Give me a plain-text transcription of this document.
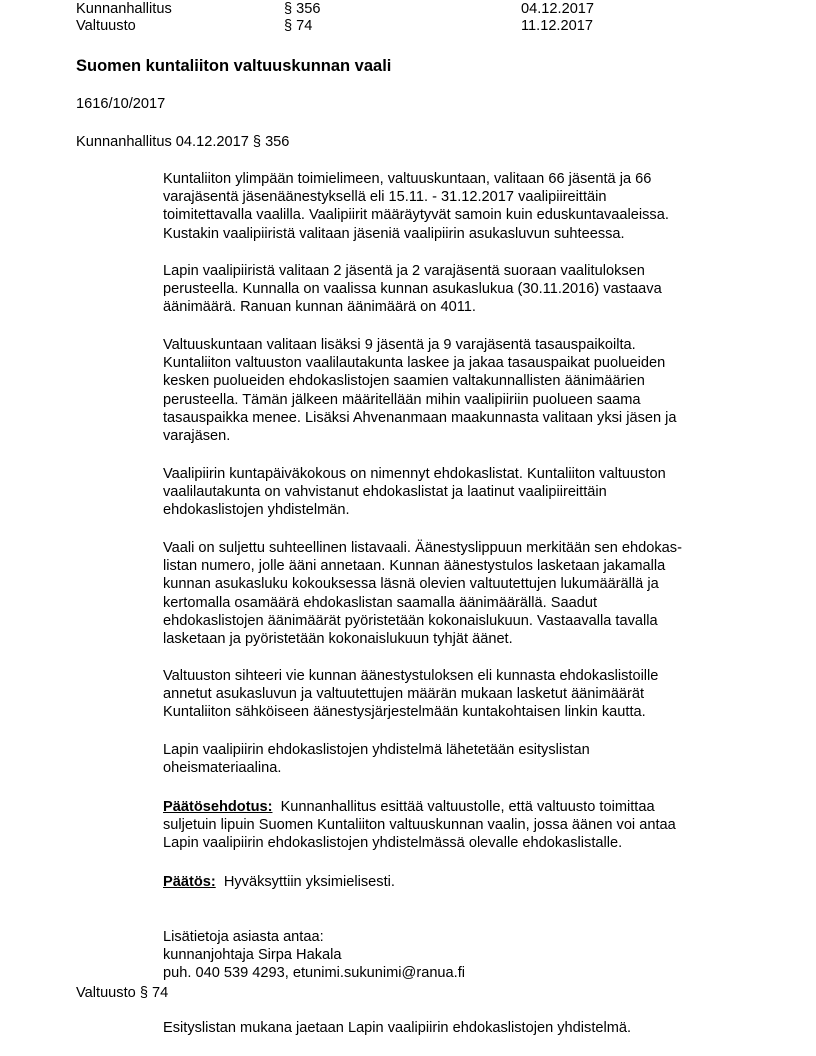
Kunnanhallitus	§ 356	04.12.2017
Valtuusto	§ 74	11.12.2017
Suomen kuntaliiton valtuuskunnan vaali
1616/10/2017
Kunnanhallitus 04.12.2017 § 356

Kuntaliiton ylimpään toimielimeen, valtuuskuntaan, valitaan 66 jäsentä ja 66
varajäsentä jäsenäänestyksellä eli 15.11. - 31.12.2017 vaalipiireittäin
toimitettavalla vaalilla. Vaalipiirit määräytyvät samoin kuin eduskuntavaaleissa.
Kustakin vaalipiiristä valitaan jäseniä vaalipiirin asukasluvun suhteessa.

Lapin vaalipiiristä valitaan 2 jäsentä ja 2 varajäsentä suoraan vaalituloksen
perusteella. Kunnalla on vaalissa kunnan asukaslukua (30.11.2016) vastaava
äänimäärä. Ranuan kunnan äänimäärä on 4011.

Valtuuskuntaan valitaan lisäksi 9 jäsentä ja 9 varajäsentä tasauspaikoilta.
Kuntaliiton valtuuston vaalilautakunta laskee ja jakaa tasauspaikat puolueiden
kesken puolueiden ehdokaslistojen saamien valtakunnallisten äänimäärien
perusteella. Tämän jälkeen määritellään mihin vaalipiiriin puolueen saama
tasauspaikka menee. Lisäksi Ahvenanmaan maakunnasta valitaan yksi jäsen ja
varajäsen.

Vaalipiirin kuntapäiväkokous on nimennyt ehdokaslistat. Kuntaliiton valtuuston
vaalilautakunta on vahvistanut ehdokaslistat ja laatinut vaalipiireittäin
ehdokaslistojen yhdistelmän.

Vaali on suljettu suhteellinen listavaali. Äänestyslippuun merkitään sen ehdokas-
listan numero, jolle ääni annetaan. Kunnan äänestystulos lasketaan jakamalla
kunnan asukasluku kokouksessa läsnä olevien valtuutettujen lukumäärällä ja
kertomalla osamäärä ehdokaslistan saamalla äänimäärällä. Saadut
ehdokaslistojen äänimäärät pyöristetään kokonaislukuun. Vastaavalla tavalla
lasketaan ja pyöristetään kokonaislukuun tyhjät äänet.

Valtuuston sihteeri vie kunnan äänestystuloksen eli kunnasta ehdokaslistoille
annetut asukasluvun ja valtuutettujen määrän mukaan lasketut äänimäärät
Kuntaliiton sähköiseen äänestysjärjestelmään kuntakohtaisen linkin kautta.

Lapin vaalipiirin ehdokaslistojen yhdistelmä lähetetään esityslistan
oheismateriaalina.

Päätösehdotus: Kunnanhallitus esittää valtuustolle, että valtuusto toimittaa
suljetuin lipuin Suomen Kuntaliiton valtuuskunnan vaalin, jossa äänen voi antaa
Lapin vaalipiirin ehdokaslistojen yhdistelmässä olevalle ehdokaslistalle.

Päätös: Hyväksyttiin yksimielisesti.

Lisätietoja asiasta antaa:
kunnanjohtaja Sirpa Hakala
puh. 040 539 4293, etunimi.sukunimi@ranua.fi
Valtuusto § 74
Esityslistan mukana jaetaan Lapin vaalipiirin ehdokaslistojen yhdistelmä.
